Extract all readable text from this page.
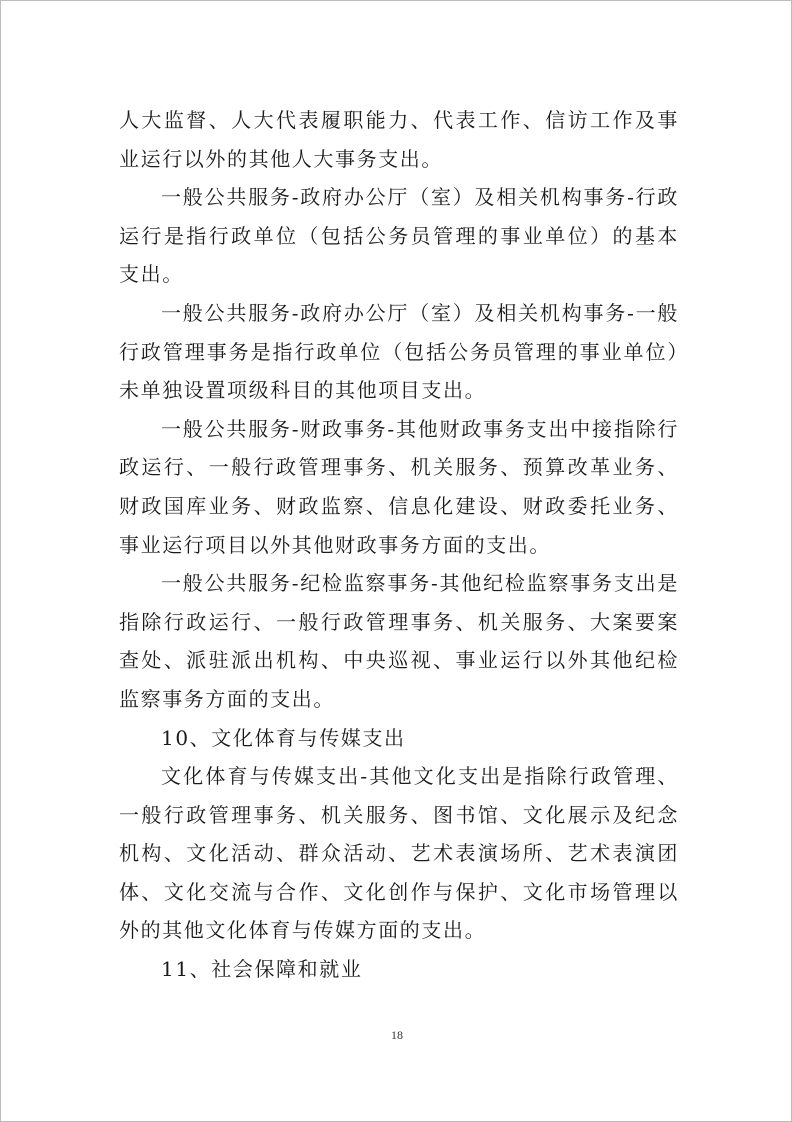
人大监督、人大代表履职能力、代表工作、信访工作及事业运行以外的其他人大事务支出。

一般公共服务-政府办公厅（室）及相关机构事务-行政运行是指行政单位（包括公务员管理的事业单位）的基本支出。

一般公共服务-政府办公厅（室）及相关机构事务-一般行政管理事务是指行政单位（包括公务员管理的事业单位）未单独设置项级科目的其他项目支出。

一般公共服务-财政事务-其他财政事务支出中接指除行政运行、一般行政管理事务、机关服务、预算改革业务、财政国库业务、财政监察、信息化建设、财政委托业务、事业运行项目以外其他财政事务方面的支出。

一般公共服务-纪检监察事务-其他纪检监察事务支出是指除行政运行、一般行政管理事务、机关服务、大案要案查处、派驻派出机构、中央巡视、事业运行以外其他纪检监察事务方面的支出。

10、文化体育与传媒支出

文化体育与传媒支出-其他文化支出是指除行政管理、一般行政管理事务、机关服务、图书馆、文化展示及纪念机构、文化活动、群众活动、艺术表演场所、艺术表演团体、文化交流与合作、文化创作与保护、文化市场管理以外的其他文化体育与传媒方面的支出。

11、社会保障和就业

18
